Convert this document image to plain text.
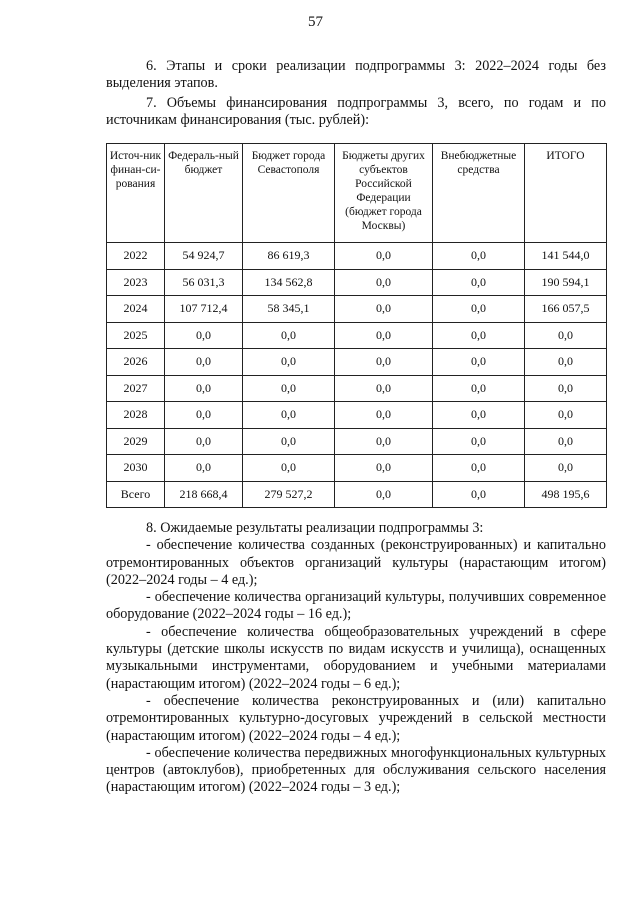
57

6. Этапы и сроки реализации подпрограммы 3: 2022–2024 годы без выделения этапов.

7. Объемы финансирования подпрограммы 3, всего, по годам и по источникам финансирования (тыс. рублей):

Источ-ник финан-си-рования	Федераль-ный бюджет	Бюджет города Севастополя	Бюджеты других субъектов Российской Федерации (бюджет города Москвы)	Внебюджетные средства	ИТОГО
2022	54 924,7	86 619,3	0,0	0,0	141 544,0
2023	56 031,3	134 562,8	0,0	0,0	190 594,1
2024	107 712,4	58 345,1	0,0	0,0	166 057,5
2025	0,0	0,0	0,0	0,0	0,0
2026	0,0	0,0	0,0	0,0	0,0
2027	0,0	0,0	0,0	0,0	0,0
2028	0,0	0,0	0,0	0,0	0,0
2029	0,0	0,0	0,0	0,0	0,0
2030	0,0	0,0	0,0	0,0	0,0
Всего	218 668,4	279 527,2	0,0	0,0	498 195,6

8. Ожидаемые результаты реализации подпрограммы 3:

- обеспечение количества созданных (реконструированных) и капитально отремонтированных объектов организаций культуры (нарастающим итогом) (2022–2024 годы – 4 ед.);

- обеспечение количества организаций культуры, получивших современное оборудование (2022–2024 годы – 16 ед.);

- обеспечение количества общеобразовательных учреждений в сфере культуры (детские школы искусств по видам искусств и училища), оснащенных музыкальными инструментами, оборудованием и учебными материалами (нарастающим итогом) (2022–2024 годы – 6 ед.);

- обеспечение количества реконструированных и (или) капитально отремонтированных культурно-досуговых учреждений в сельской местности (нарастающим итогом) (2022–2024 годы – 4 ед.);

- обеспечение количества передвижных многофункциональных культурных центров (автоклубов), приобретенных для обслуживания сельского населения (нарастающим итогом) (2022–2024 годы – 3 ед.);
